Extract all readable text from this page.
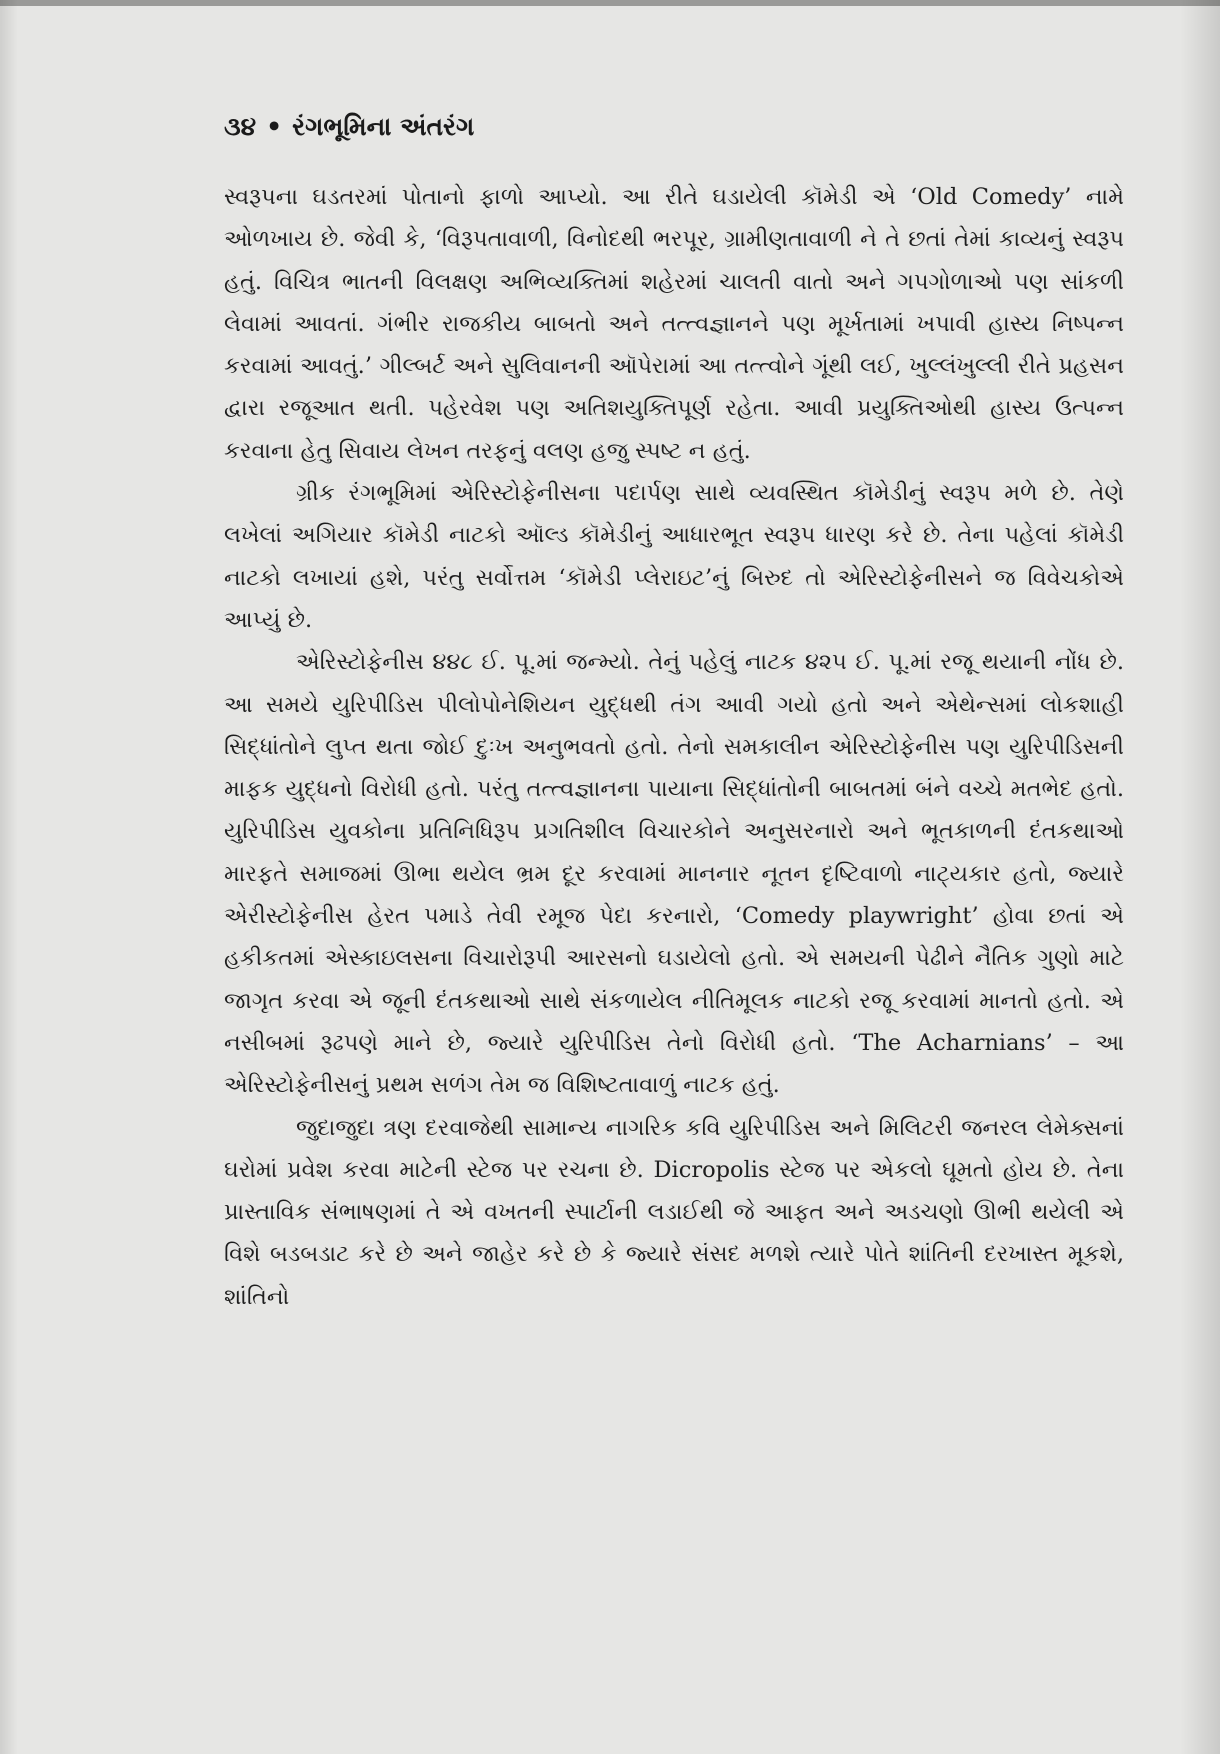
૩૪ • રંગભૂમિના અંતરંગ

સ્વરૂપના ઘડતરમાં પોતાનો ફાળો આપ્યો. આ રીતે ઘડાયેલી કૉમેડી એ ‘Old Comedy’ નામે ઓળખાય છે. જેવી કે, ‘વિરૂપતાવાળી, વિનોદથી ભરપૂર, ગ્રામીણતાવાળી ને તે છતાં તેમાં કાવ્યનું સ્વરૂપ હતું. વિચિત્ર ભાતની વિલક્ષણ અભિવ્યક્તિમાં શહેરમાં ચાલતી વાતો અને ગપગોળાઓ પણ સાંકળી લેવામાં આવતાં. ગંભીર રાજકીય બાબતો અને તત્ત્વજ્ઞાનને પણ મૂર્ખતામાં ખપાવી હાસ્ય નિષ્પન્ન કરવામાં આવતું.’ ગીલ્બર્ટ અને સુલિવાનની ઑપેરામાં આ તત્ત્વોને ગૂંથી લઈ, ખુલ્લંખુલ્લી રીતે પ્રહસન દ્વારા રજૂઆત થતી. પહેરવેશ પણ અતિશયુક્તિપૂર્ણ રહેતા. આવી પ્રયુક્તિઓથી હાસ્ય ઉત્પન્ન કરવાના હેતુ સિવાય લેખન તરફનું વલણ હજુ સ્પષ્ટ ન હતું.

ગ્રીક રંગભૂમિમાં એરિસ્ટોફેનીસના પદાર્પણ સાથે વ્યવસ્થિત કૉમેડીનું સ્વરૂપ મળે છે. તેણે લખેલાં અગિયાર કૉમેડી નાટકો ઑલ્ડ કૉમેડીનું આધારભૂત સ્વરૂપ ધારણ કરે છે. તેના પહેલાં કૉમેડી નાટકો લખાયાં હશે, પરંતુ સર્વોત્તમ ‘કૉમેડી પ્લેરાઇટ’નું બિરુદ તો એરિસ્ટોફેનીસને જ વિવેચકોએ આપ્યું છે.

એરિસ્ટોફેનીસ ૪૪૮ ઈ. પૂ.માં જન્મ્યો. તેનું પહેલું નાટક ૪૨૫ ઈ. પૂ.માં રજૂ થયાની નોંધ છે. આ સમયે યુરિપીડિસ પીલોપોનેશિયન યુદ્ધથી તંગ આવી ગયો હતો અને એથેન્સમાં લોકશાહી સિદ્ધાંતોને લુપ્ત થતા જોઈ દુઃખ અનુભવતો હતો. તેનો સમકાલીન એરિસ્ટોફેનીસ પણ યુરિપીડિસની માફક યુદ્ધનો વિરોધી હતો. પરંતુ તત્ત્વજ્ઞાનના પાયાના સિદ્ધાંતોની બાબતમાં બંને વચ્ચે મતભેદ હતો. યુરિપીડિસ યુવકોના પ્રતિનિધિરૂપ પ્રગતિશીલ વિચારકોને અનુસરનારો અને ભૂતકાળની દંતકથાઓ મારફતે સમાજમાં ઊભા થયેલ ભ્રમ દૂર કરવામાં માનનાર નૂતન દૃષ્ટિવાળો નાટ્યકાર હતો, જ્યારે એરીસ્ટોફેનીસ હેરત પમાડે તેવી રમૂજ પેદા કરનારો, ‘Comedy playwright’ હોવા છતાં એ હકીકતમાં એસ્કાઇલસના વિચારોરૂપી આરસનો ઘડાયેલો હતો. એ સમયની પેઢીને નૈતિક ગુણો માટે જાગૃત કરવા એ જૂની દંતકથાઓ સાથે સંકળાયેલ નીતિમૂલક નાટકો રજૂ કરવામાં માનતો હતો. એ નસીબમાં રૂઢપણે માને છે, જ્યારે યુરિપીડિસ તેનો વિરોધી હતો. ‘The Acharnians’ – આ એરિસ્ટોફેનીસનું પ્રથમ સળંગ તેમ જ વિશિષ્ટતાવાળું નાટક હતું.

જુદાજુદા ત્રણ દરવાજેથી સામાન્ય નાગરિક કવિ યુરિપીડિસ અને મિલિટરી જનરલ લેમેક્સનાં ઘરોમાં પ્રવેશ કરવા માટેની સ્ટેજ પર રચના છે. Dicropolis સ્ટેજ પર એકલો ઘૂમતો હોય છે. તેના પ્રાસ્તાવિક સંભાષણમાં તે એ વખતની સ્પાર્ટાની લડાઈથી જે આફત અને અડચણો ઊભી થયેલી એ વિશે બડબડાટ કરે છે અને જાહેર કરે છે કે જ્યારે સંસદ મળશે ત્યારે પોતે શાંતિની દરખાસ્ત મૂકશે, શાંતિનો
